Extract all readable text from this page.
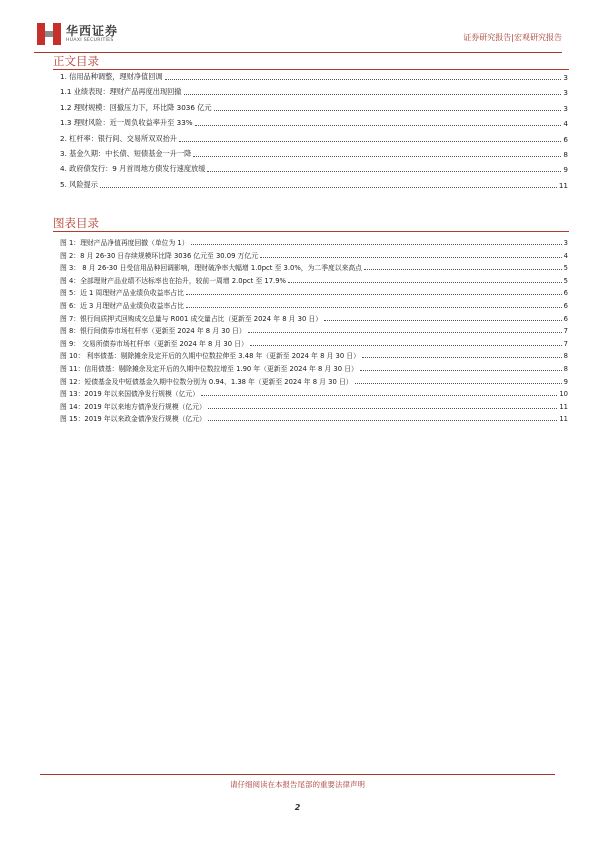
华西证券
HUAXI SECURITIES	证券研究报告|宏观研究报告
正文目录
1. 信用品种调整，理财净值回调	3
1.1 业绩表现：理财产品再度出现回撤	3
1.2 理财规模：回撤压力下，环比降 3036 亿元	3
1.3 理财风险：近一周负收益率升至 33%	4
2. 杠杆率：银行间、交易所双双抬升	6
3. 基金久期：中长债、短债基金一升一降	8
4. 政府债发行：9 月首周地方债发行速度放缓	9
5. 风险提示	11
图表目录
图 1：理财产品净值再度回撤（单位为 1）	3
图 2：8 月 26-30 日存续规模环比降 3036 亿元至 30.09 万亿元	4
图 3： 8 月 26-30 日受信用品种回调影响，理财破净率大幅增 1.0pct 至 3.0%，为二季度以来高点	5
图 4：全部理财产品业绩不达标率也在抬升，较前一周增 2.0pct 至 17.9%	5
图 5：近 1 周理财产品业绩负收益率占比	6
图 6：近 3 月理财产品业绩负收益率占比	6
图 7：银行间质押式回购成交总量与 R001 成交量占比（更新至 2024 年 8 月 30 日）	6
图 8：银行间债券市场杠杆率（更新至 2024 年 8 月 30 日）	7
图 9： 交易所债券市场杠杆率（更新至 2024 年 8 月 30 日）	7
图 10： 利率债基：剔除摊余及定开后的久期中位数拉伸至 3.48 年（更新至 2024 年 8 月 30 日）	8
图 11：信用债基：剔除摊余及定开后的久期中位数拉增至 1.90 年（更新至 2024 年 8 月 30 日）	8
图 12：短债基金及中短债基金久期中位数分别为 0.94、1.38 年（更新至 2024 年 8 月 30 日）	9
图 13：2019 年以来国债净发行规模（亿元）	10
图 14：2019 年以来地方债净发行规模（亿元）	11
图 15：2019 年以来政金债净发行规模（亿元）	11
请仔细阅读在本报告尾部的重要法律声明
2
